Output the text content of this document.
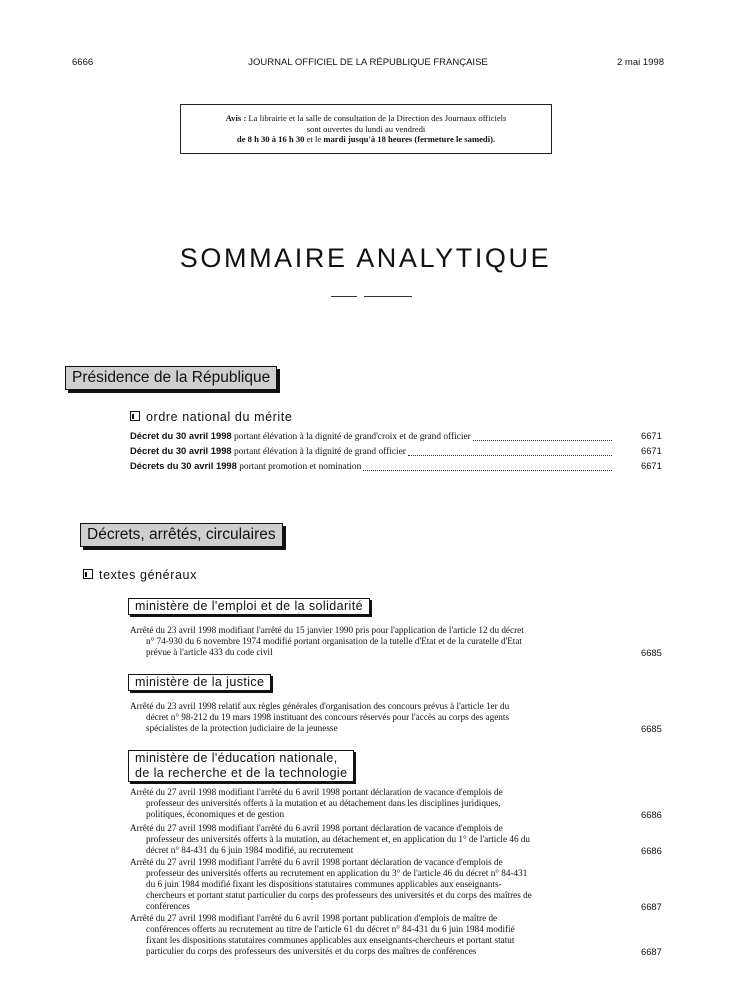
6666	JOURNAL OFFICIEL DE LA RÉPUBLIQUE FRANÇAISE	2 mai 1998
Avis : La librairie et la salle de consultation de la Direction des Journaux officiels
sont ouvertes du lundi au vendredi
de 8 h 30 à 16 h 30 et le mardi jusqu'à 18 heures (fermeture le samedi).
SOMMAIRE ANALYTIQUE
Présidence de la République
ordre national du mérite
Décret du 30 avril 1998 portant élévation à la dignité de grand'croix et de grand officier	6671
Décret du 30 avril 1998 portant élévation à la dignité de grand officier	6671
Décrets du 30 avril 1998 portant promotion et nomination	6671
Décrets, arrêtés, circulaires
textes généraux
ministère de l'emploi et de la solidarité
Arrêté du 23 avril 1998 modifiant l'arrêté du 15 janvier 1990 pris pour l'application de l'article 12 du décret
n° 74-930 du 6 novembre 1974 modifié portant organisation de la tutelle d'Etat et de la curatelle d'Etat
prévue à l'article 433 du code civil	6685
ministère de la justice
Arrêté du 23 avril 1998 relatif aux règles générales d'organisation des concours prévus à l'article 1er du
décret n° 98-212 du 19 mars 1998 instituant des concours réservés pour l'accès au corps des agents
spécialistes de la protection judiciaire de la jeunesse	6685
ministère de l'éducation nationale,
de la recherche et de la technologie
Arrêté du 27 avril 1998 modifiant l'arrêté du 6 avril 1998 portant déclaration de vacance d'emplois de
professeur des universités offerts à la mutation et au détachement dans les disciplines juridiques,
politiques, économiques et de gestion	6686
Arrêté du 27 avril 1998 modifiant l'arrêté du 6 avril 1998 portant déclaration de vacance d'emplois de
professeur des universités offerts à la mutation, au détachement et, en application du 1° de l'article 46 du
décret n° 84-431 du 6 juin 1984 modifié, au recrutement	6686
Arrêté du 27 avril 1998 modifiant l'arrêté du 6 avril 1998 portant déclaration de vacance d'emplois de
professeur des universités offerts au recrutement en application du 3° de l'article 46 du décret n° 84-431
du 6 juin 1984 modifié fixant les dispositions statutaires communes applicables aux enseignants-
chercheurs et portant statut particulier du corps des professeurs des universités et du corps des maîtres de
conférences	6687
Arrêté du 27 avril 1998 modifiant l'arrêté du 6 avril 1998 portant publication d'emplois de maître de
conférences offerts au recrutement au titre de l'article 61 du décret n° 84-431 du 6 juin 1984 modifié
fixant les dispositions statutaires communes applicables aux enseignants-chercheurs et portant statut
particulier du corps des professeurs des universités et du corps des maîtres de conférences	6687
